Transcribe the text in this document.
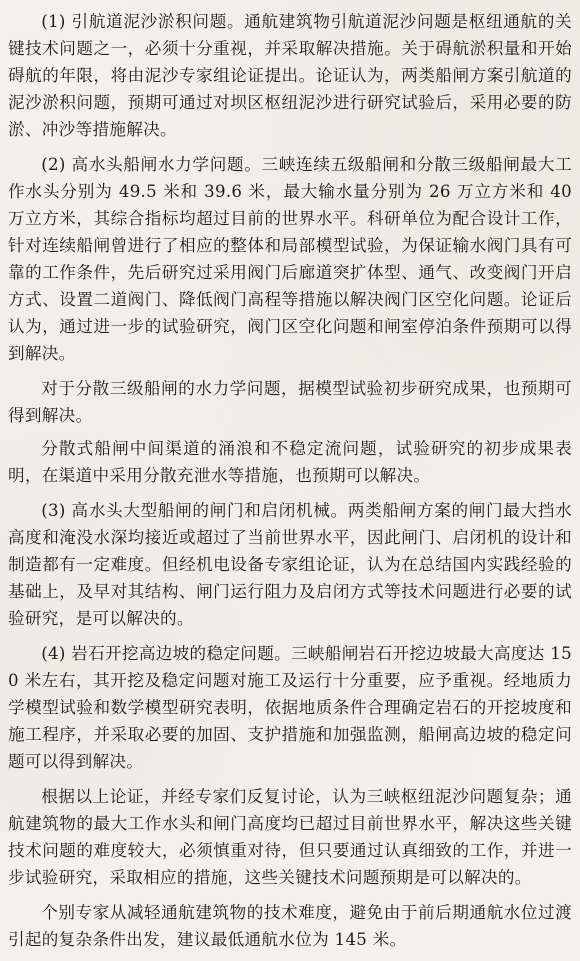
(1) 引航道泥沙淤积问题。通航建筑物引航道泥沙问题是枢纽通航的关键技术问题之一，必须十分重视，并采取解决措施。关于碍航淤积量和开始碍航的年限，将由泥沙专家组论证提出。论证认为，两类船闸方案引航道的泥沙淤积问题，预期可通过对坝区枢纽泥沙进行研究试验后，采用必要的防淤、冲沙等措施解决。

(2) 高水头船闸水力学问题。三峡连续五级船闸和分散三级船闸最大工作水头分别为 49.5 米和 39.6 米，最大输水量分别为 26 万立方米和 40 万立方米，其综合指标均超过目前的世界水平。科研单位为配合设计工作，针对连续船闸曾进行了相应的整体和局部模型试验，为保证输水阀门具有可靠的工作条件，先后研究过采用阀门后廊道突扩体型、通气、改变阀门开启方式、设置二道阀门、降低阀门高程等措施以解决阀门区空化问题。论证后认为，通过进一步的试验研究，阀门区空化问题和闸室停泊条件预期可以得到解决。

对于分散三级船闸的水力学问题，据模型试验初步研究成果，也预期可得到解决。

分散式船闸中间渠道的涌浪和不稳定流问题，试验研究的初步成果表明，在渠道中采用分散充泄水等措施，也预期可以解决。

(3) 高水头大型船闸的闸门和启闭机械。两类船闸方案的闸门最大挡水高度和淹没水深均接近或超过了当前世界水平，因此闸门、启闭机的设计和制造都有一定难度。但经机电设备专家组论证，认为在总结国内实践经验的基础上，及早对其结构、闸门运行阻力及启闭方式等技术问题进行必要的试验研究，是可以解决的。

(4) 岩石开挖高边坡的稳定问题。三峡船闸岩石开挖边坡最大高度达 150 米左右，其开挖及稳定问题对施工及运行十分重要，应予重视。经地质力学模型试验和数学模型研究表明，依据地质条件合理确定岩石的开挖坡度和施工程序，并采取必要的加固、支护措施和加强监测，船闸高边坡的稳定问题可以得到解决。

根据以上论证，并经专家们反复讨论，认为三峡枢纽泥沙问题复杂；通航建筑物的最大工作水头和闸门高度均已超过目前世界水平，解决这些关键技术问题的难度较大，必须慎重对待，但只要通过认真细致的工作，并进一步试验研究，采取相应的措施，这些关键技术问题预期是可以解决的。

个别专家从减轻通航建筑物的技术难度，避免由于前后期通航水位过渡引起的复杂条件出发，建议最低通航水位为 145 米。
